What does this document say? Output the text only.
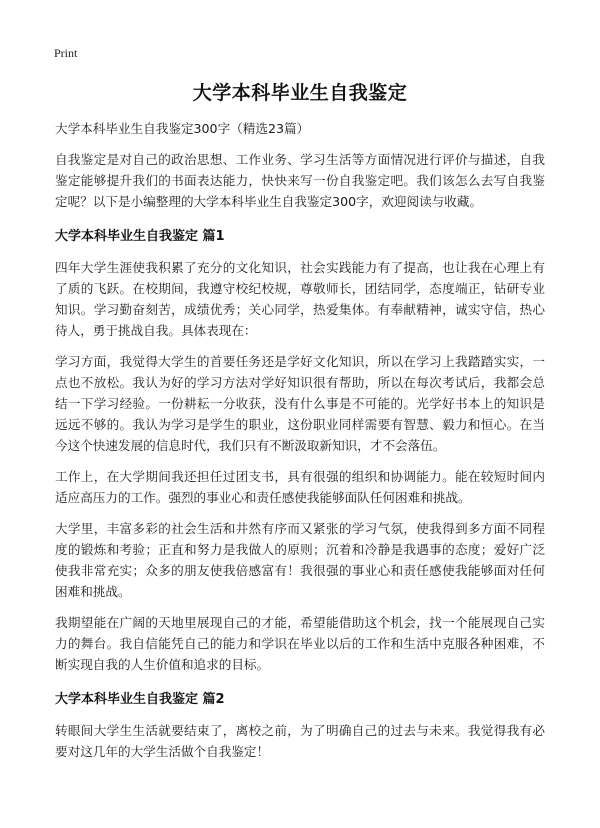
Print
大学本科毕业生自我鉴定

大学本科毕业生自我鉴定300字（精选23篇）

自我鉴定是对自己的政治思想、工作业务、学习生活等方面情况进行评价与描述，自我鉴定能够提升我们的书面表达能力，快快来写一份自我鉴定吧。我们该怎么去写自我鉴定呢？以下是小编整理的大学本科毕业生自我鉴定300字，欢迎阅读与收藏。

大学本科毕业生自我鉴定 篇1

四年大学生涯使我积累了充分的文化知识，社会实践能力有了提高，也让我在心理上有了质的飞跃。在校期间，我遵守校纪校规，尊敬师长，团结同学，态度端正，钻研专业知识。学习勤奋刻苦，成绩优秀；关心同学，热爱集体。有奉献精神，诚实守信，热心待人，勇于挑战自我。具体表现在：

学习方面，我觉得大学生的首要任务还是学好文化知识，所以在学习上我踏踏实实，一点也不放松。我认为好的学习方法对学好知识很有帮助，所以在每次考试后，我都会总结一下学习经验。一份耕耘一分收获，没有什么事是不可能的。光学好书本上的知识是远远不够的。我认为学习是学生的职业，这份职业同样需要有智慧、毅力和恒心。在当今这个快速发展的信息时代，我们只有不断汲取新知识，才不会落伍。

工作上，在大学期间我还担任过团支书，具有很强的组织和协调能力。能在较短时间内适应高压力的工作。强烈的事业心和责任感使我能够面队任何困难和挑战。

大学里，丰富多彩的社会生活和井然有序而又紧张的学习气氛，使我得到多方面不同程度的锻炼和考验；正直和努力是我做人的原则；沉着和冷静是我遇事的态度；爱好广泛使我非常充实；众多的朋友使我倍感富有！我很强的事业心和责任感使我能够面对任何困难和挑战。

我期望能在广阔的天地里展现自己的才能，希望能借助这个机会，找一个能展现自己实力的舞台。我自信能凭自己的能力和学识在毕业以后的工作和生活中克服各种困难，不断实现自我的人生价值和追求的目标。

大学本科毕业生自我鉴定 篇2

转眼间大学生生活就要结束了，离校之前，为了明确自己的过去与未来。我觉得我有必要对这几年的大学生活做个自我鉴定！
